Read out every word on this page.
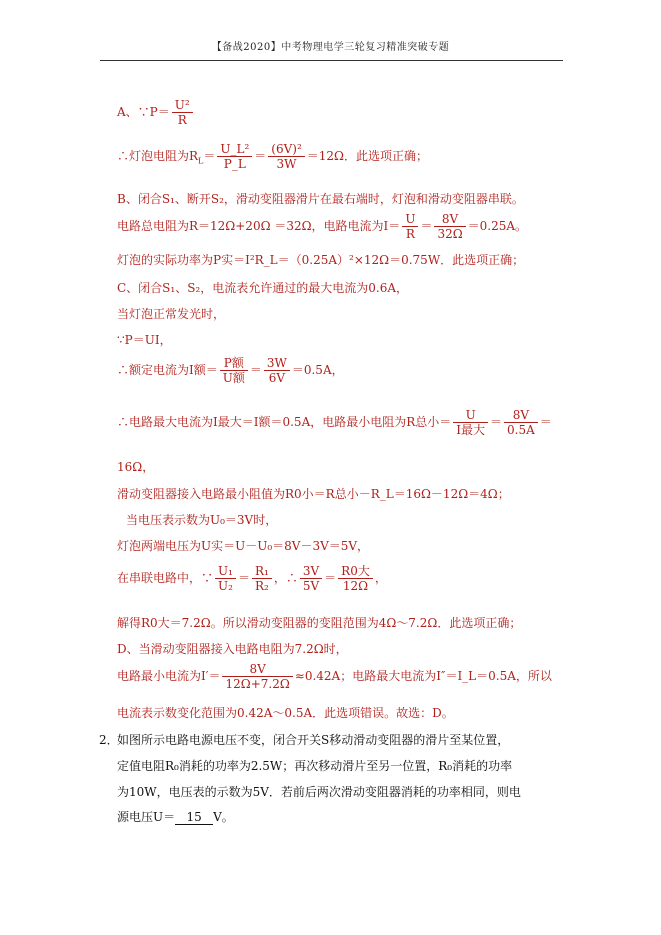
【备战2020】中考物理电学三轮复习精准突破专题
A、∵P＝ $\frac{\text{U²}}{R}$
∴灯泡电阻为$R_L= \frac{\text{U\_L²}}{P\_L} = \frac{\text{(6V)²}}{3W} =12\Omega$．此选项正确；
B、闭合S₁、断开S₂，滑动变阻器滑片在最右端时，灯泡和滑动变阻器串联。
电路总电阻为R＝12Ω+20Ω ＝32Ω，电路电流为$I= \frac{U}{R} = \frac{8V}{32\Omega} =0.25A$。
灯泡的实际功率为P实＝I²R_L＝（0.25A）²×12Ω＝0.75W．此选项正确；
C、闭合S₁、S₂，电流表允许通过的最大电流为0.6A，
当灯泡正常发光时，
∵P＝UI，
∴额定电流为I额＝ $\frac{\text{P额}}{\text{U额}} = \frac{3W}{6V} =0.5A$，
∴电路最大电流为I最大＝I额＝0.5A，电路最小电阻为R总小＝ $\frac{U}{\text{I最大}} = \frac{8V}{0.5A}$ ＝
16Ω，
滑动变阻器接入电路最小阻值为R0小＝R总小－R_L＝16Ω－12Ω＝4Ω；
当电压表示数为U₀＝3V时，
灯泡两端电压为U实＝U－U₀＝8V－3V＝5V，
在串联电路中，∵ $\frac{\text{U₁}}{\text{U₂}} = \frac{\text{R₁}}{\text{R₂}}$ ，∴ $\frac{3V}{5V} = \frac{\text{R0大}}{12\Omega}$ ，
解得R0大＝7.2Ω。所以滑动变阻器的变阻范围为4Ω～7.2Ω．此选项正确；
D、当滑动变阻器接入电路电阻为7.2Ω时，
电路最小电流为$I'= \frac{8V}{12\Omega+7.2\Omega} \approx 0.42A$；电路最大电流为I″＝I_L＝0.5A，所以
电流表示数变化范围为0.42A～0.5A．此选项错误。故选：D。
2．
如图所示电路电源电压不变，闭合开关S移动滑动变阻器的滑片至某位置，
定值电阻R₀消耗的功率为2.5W；再次移动滑片至另一位置，R₀消耗的功率
为10W，电压表的示数为5V．若前后两次滑动变阻器消耗的功率相同，则电
源电压U＝ 15 V。
